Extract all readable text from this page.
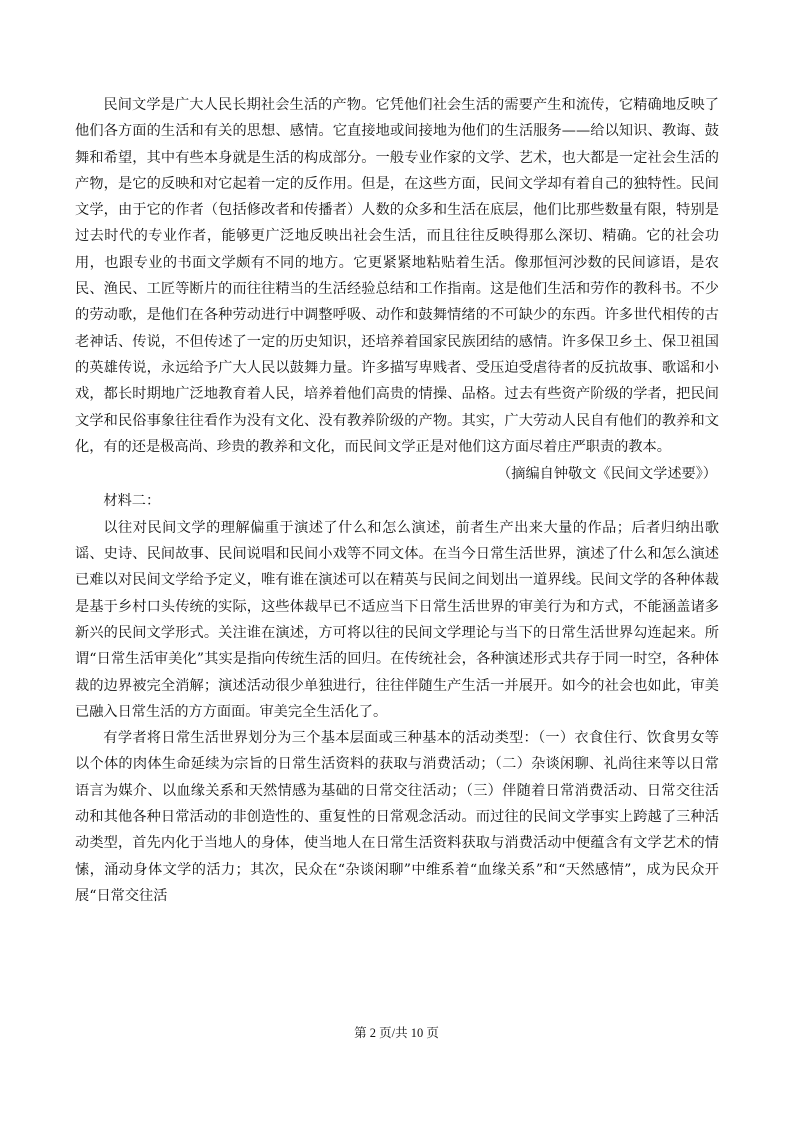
民间文学是广大人民长期社会生活的产物。它凭他们社会生活的需要产生和流传，它精确地反映了他们各方面的生活和有关的思想、感情。它直接地或间接地为他们的生活服务——给以知识、教诲、鼓舞和希望，其中有些本身就是生活的构成部分。一般专业作家的文学、艺术，也大都是一定社会生活的产物，是它的反映和对它起着一定的反作用。但是，在这些方面，民间文学却有着自己的独特性。民间文学，由于它的作者（包括修改者和传播者）人数的众多和生活在底层，他们比那些数量有限，特别是过去时代的专业作者，能够更广泛地反映出社会生活，而且往往反映得那么深切、精确。它的社会功用，也跟专业的书面文学颇有不同的地方。它更紧紧地粘贴着生活。像那恒河沙数的民间谚语，是农民、渔民、工匠等断片的而往往精当的生活经验总结和工作指南。这是他们生活和劳作的教科书。不少的劳动歌，是他们在各种劳动进行中调整呼吸、动作和鼓舞情绪的不可缺少的东西。许多世代相传的古老神话、传说，不但传述了一定的历史知识，还培养着国家民族团结的感情。许多保卫乡土、保卫祖国的英雄传说，永远给予广大人民以鼓舞力量。许多描写卑贱者、受压迫受虐待者的反抗故事、歌谣和小戏，都长时期地广泛地教育着人民，培养着他们高贵的情操、品格。过去有些资产阶级的学者，把民间文学和民俗事象往往看作为没有文化、没有教养阶级的产物。其实，广大劳动人民自有他们的教养和文化，有的还是极高尚、珍贵的教养和文化，而民间文学正是对他们这方面尽着庄严职责的教本。

（摘编自钟敬文《民间文学述要》）

材料二：

以往对民间文学的理解偏重于演述了什么和怎么演述，前者生产出来大量的作品；后者归纳出歌谣、史诗、民间故事、民间说唱和民间小戏等不同文体。在当今日常生活世界，演述了什么和怎么演述已难以对民间文学给予定义，唯有谁在演述可以在精英与民间之间划出一道界线。民间文学的各种体裁是基于乡村口头传统的实际，这些体裁早已不适应当下日常生活世界的审美行为和方式，不能涵盖诸多新兴的民间文学形式。关注谁在演述，方可将以往的民间文学理论与当下的日常生活世界勾连起来。所谓“日常生活审美化”其实是指向传统生活的回归。在传统社会，各种演述形式共存于同一时空，各种体裁的边界被完全消解；演述活动很少单独进行，往往伴随生产生活一并展开。如今的社会也如此，审美已融入日常生活的方方面面。审美完全生活化了。

有学者将日常生活世界划分为三个基本层面或三种基本的活动类型：（一）衣食住行、饮食男女等以个体的肉体生命延续为宗旨的日常生活资料的获取与消费活动；（二）杂谈闲聊、礼尚往来等以日常语言为媒介、以血缘关系和天然情感为基础的日常交往活动；（三）伴随着日常消费活动、日常交往活动和其他各种日常活动的非创造性的、重复性的日常观念活动。而过往的民间文学事实上跨越了三种活动类型，首先内化于当地人的身体，使当地人在日常生活资料获取与消费活动中便蕴含有文学艺术的情愫，涌动身体文学的活力；其次，民众在“杂谈闲聊”中维系着“血缘关系”和“天然感情”，成为民众开展“日常交往活

第 2 页/共 10 页
